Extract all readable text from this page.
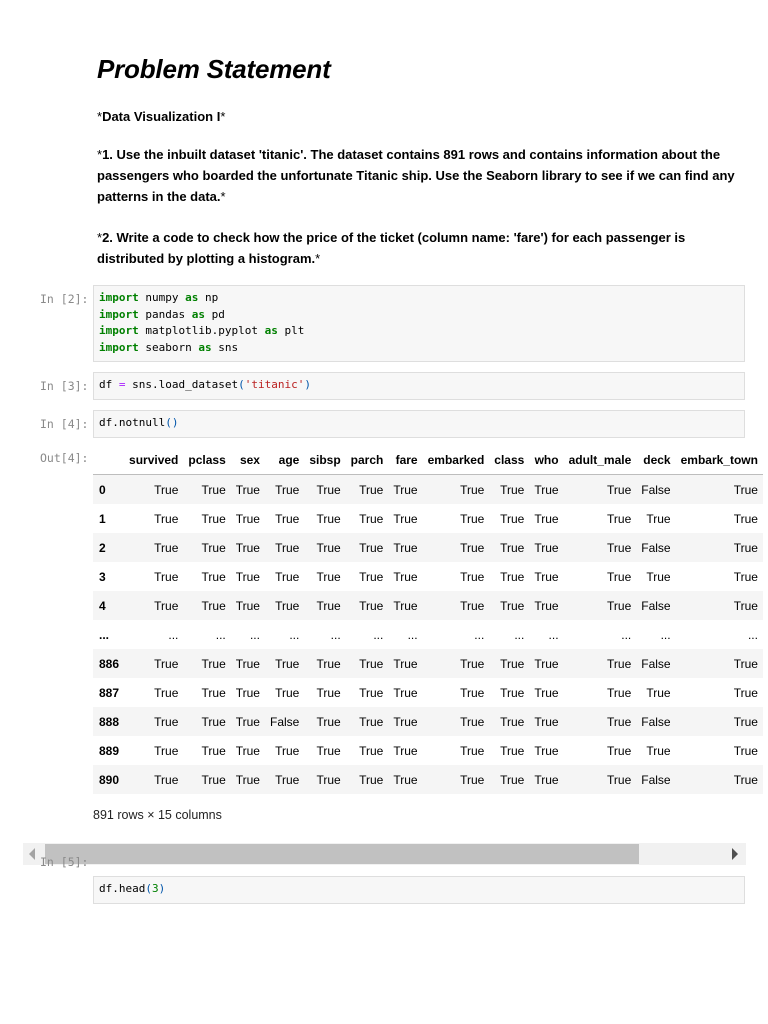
Problem Statement
*Data Visualization I*
*1. Use the inbuilt dataset 'titanic'. The dataset contains 891 rows and contains information about the passengers who boarded the unfortunate Titanic ship. Use the Seaborn library to see if we can find any patterns in the data.*
*2. Write a code to check how the price of the ticket (column name: 'fare') for each passenger is distributed by plotting a histogram.*
In [2]: import numpy as np
import pandas as pd
import matplotlib.pyplot as plt
import seaborn as sns
In [3]: df = sns.load_dataset('titanic')
In [4]: df.notnull()
Out[4]:
		survived	pclass	sex	age	sibsp	parch	fare	embarked	class	who	adult_male	deck	embark_town
0	True	True	True	True	True	True	True	True	True	True	True	False	True
1	True	True	True	True	True	True	True	True	True	True	True	True	True
2	True	True	True	True	True	True	True	True	True	True	True	False	True
3	True	True	True	True	True	True	True	True	True	True	True	True	True
4	True	True	True	True	True	True	True	True	True	True	True	False	True
...	...	...	...	...	...	...	...	...	...	...	...	...	...
886	True	True	True	True	True	True	True	True	True	True	True	False	True
887	True	True	True	True	True	True	True	True	True	True	True	True	True
888	True	True	True	False	True	True	True	True	True	True	True	False	True
889	True	True	True	True	True	True	True	True	True	True	True	True	True
890	True	True	True	True	True	True	True	True	True	True	True	False	True
891 rows × 15 columns
In [5]:
df.head(3)
